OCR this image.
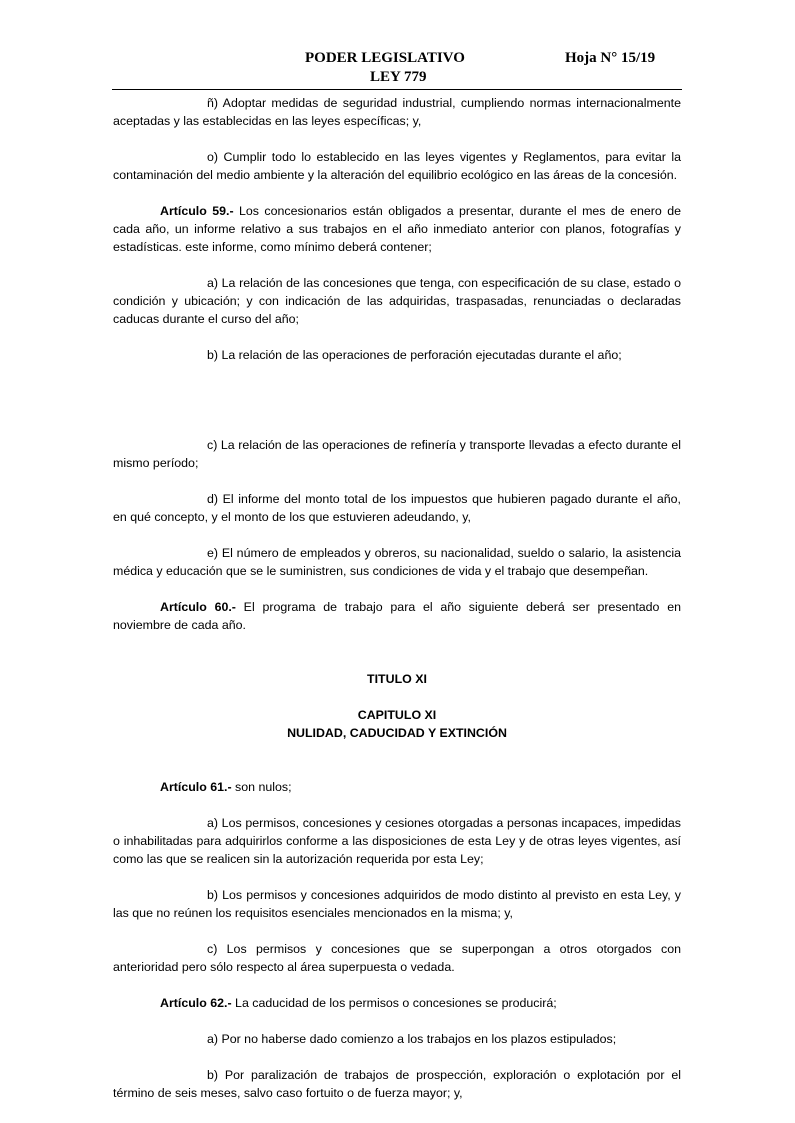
PODER LEGISLATIVO
LEY 779
Hoja N° 15/19

ñ) Adoptar medidas de seguridad industrial, cumpliendo normas internacionalmente aceptadas y las establecidas en las leyes específicas; y,

o) Cumplir todo lo establecido en las leyes vigentes y Reglamentos, para evitar la contaminación del medio ambiente y la alteración del equilibrio ecológico en las áreas de la concesión.

Artículo 59.- Los concesionarios están obligados a presentar, durante el mes de enero de cada año, un informe relativo a sus trabajos en el año inmediato anterior con planos, fotografías y estadísticas. este informe, como mínimo deberá contener;

a) La relación de las concesiones que tenga, con especificación de su clase, estado o condición y ubicación; y con indicación de las adquiridas, traspasadas, renunciadas o declaradas caducas durante el curso del año;

b) La relación de las operaciones de perforación ejecutadas durante el año;

c) La relación de las operaciones de refinería y transporte llevadas a efecto durante el mismo período;

d) El informe del monto total de los impuestos que hubieren pagado durante el año, en qué concepto, y el monto de los que estuvieren adeudando, y,

e) El número de empleados y obreros, su nacionalidad, sueldo o salario, la asistencia médica y educación que se le suministren, sus condiciones de vida y el trabajo que desempeñan.

Artículo 60.- El programa de trabajo para el año siguiente deberá ser presentado en noviembre de cada año.

TITULO XI

CAPITULO XI

NULIDAD, CADUCIDAD Y EXTINCIÓN

Artículo 61.- son nulos;

a) Los permisos, concesiones y cesiones otorgadas a personas incapaces, impedidas o inhabilitadas para adquirirlos conforme a las disposiciones de esta Ley y de otras leyes vigentes, así como las que se realicen sin la autorización requerida por esta Ley;

b) Los permisos y concesiones adquiridos de modo distinto al previsto en esta Ley, y las que no reúnen los requisitos esenciales mencionados en la misma; y,

c) Los permisos y concesiones que se superpongan a otros otorgados con anterioridad pero sólo respecto al área superpuesta o vedada.

Artículo 62.- La caducidad de los permisos o concesiones se producirá;

a) Por no haberse dado comienzo a los trabajos en los plazos estipulados;

b) Por paralización de trabajos de prospección, exploración o explotación por el término de seis meses, salvo caso fortuito o de fuerza mayor; y,
